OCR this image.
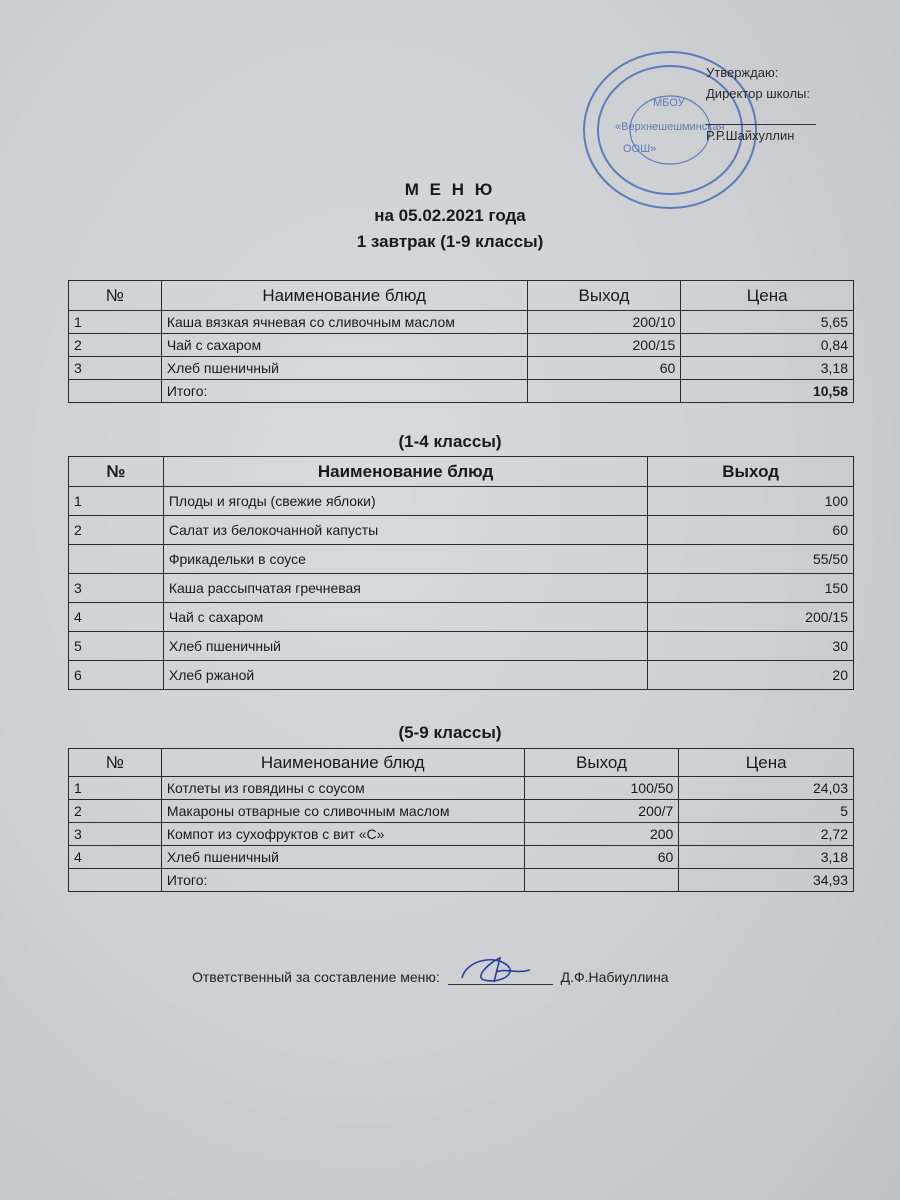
МБОУ
«Верхнешешминская
ООШ»
Утверждаю:
Директор школы:
Р.Р.Шайхуллин
М Е Н Ю
на 05.02.2021 года
1 завтрак (1-9 классы)
№	Наименование блюд	Выход	Цена
1	Каша вязкая ячневая со сливочным маслом	200/10	5,65
2	Чай с сахаром	200/15	0,84
3	Хлеб пшеничный	60	3,18
	Итого:		10,58
(1-4 классы)
№	Наименование блюд	Выход
1	Плоды и ягоды (свежие яблоки)	100
2	Салат из белокочанной капусты	60
	Фрикадельки в соусе	55/50
3	Каша рассыпчатая гречневая	150
4	Чай с сахаром	200/15
5	Хлеб пшеничный	30
6	Хлеб ржаной	20
(5-9 классы)
№	Наименование блюд	Выход	Цена
1	Котлеты из говядины с соусом	100/50	24,03
2	Макароны отварные со сливочным маслом	200/7	5
3	Компот из сухофруктов с вит «С»	200	2,72
4	Хлеб пшеничный	60	3,18
	Итого:		34,93
Ответственный за составление меню:	Д.Ф.Набиуллина
